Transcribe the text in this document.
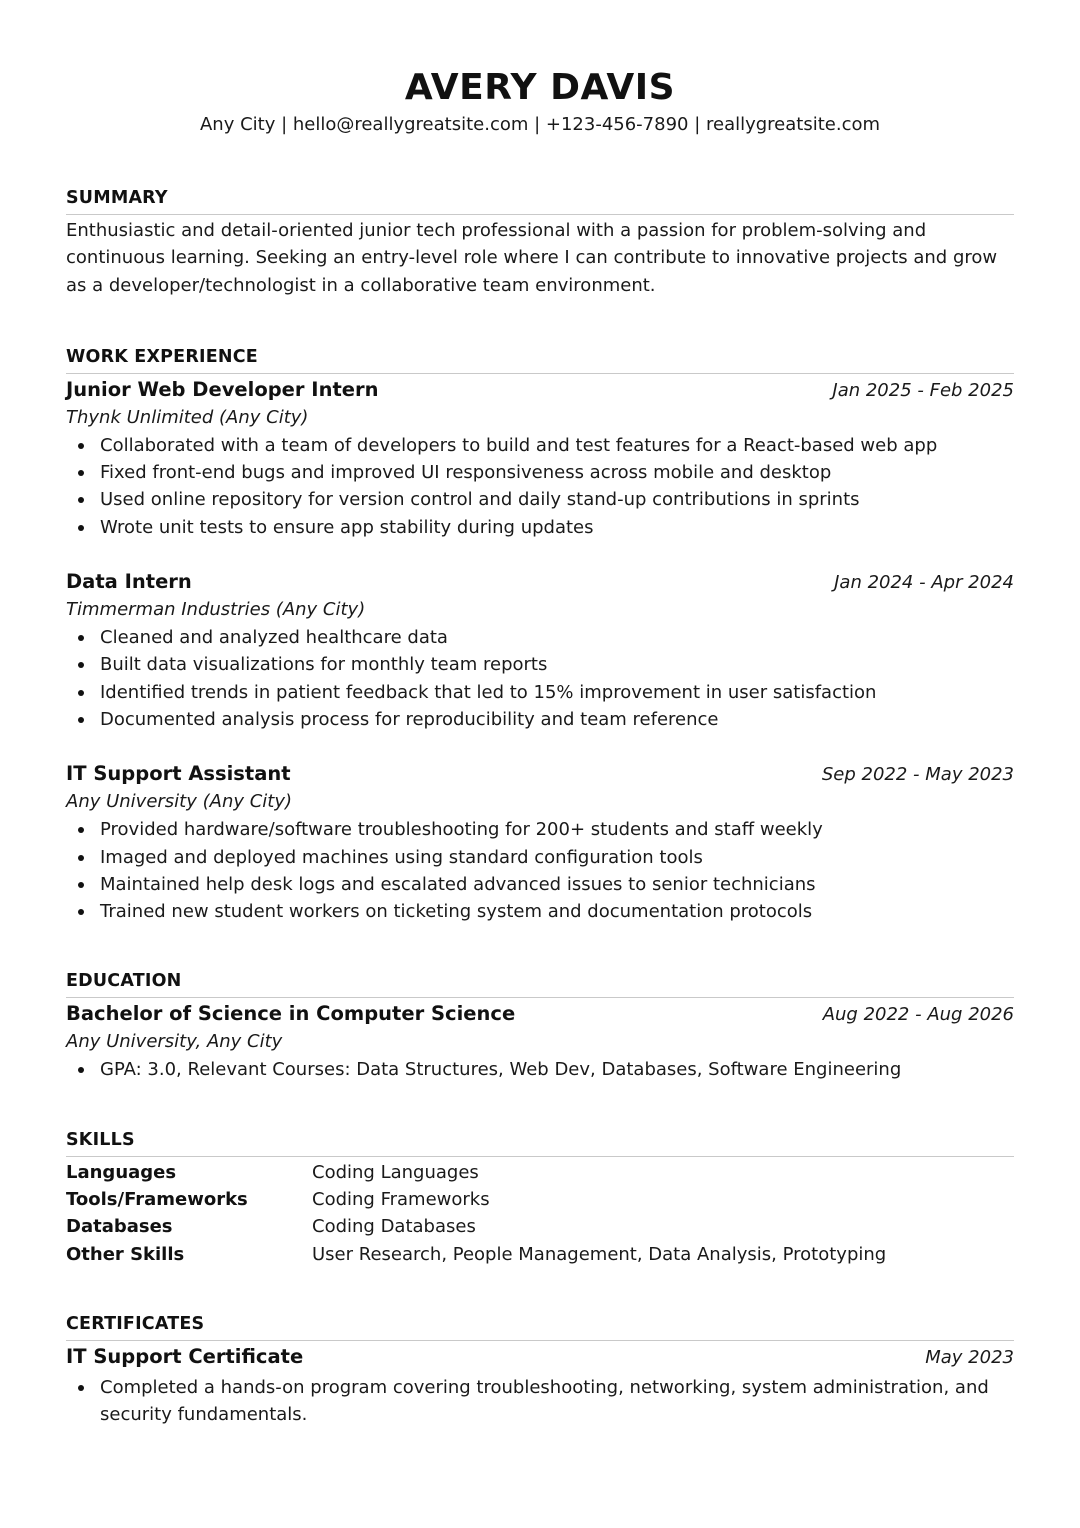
AVERY DAVIS
Any City | hello@reallygreatsite.com | +123-456-7890 | reallygreatsite.com
SUMMARY
Enthusiastic and detail-oriented junior tech professional with a passion for problem-solving and continuous learning. Seeking an entry-level role where I can contribute to innovative projects and grow as a developer/technologist in a collaborative team environment.
WORK EXPERIENCE
Junior Web Developer Intern	Jan 2025 - Feb 2025
Thynk Unlimited (Any City)
Collaborated with a team of developers to build and test features for a React-based web app
Fixed front-end bugs and improved UI responsiveness across mobile and desktop
Used online repository for version control and daily stand-up contributions in sprints
Wrote unit tests to ensure app stability during updates
Data Intern	Jan 2024 - Apr 2024
Timmerman Industries (Any City)
Cleaned and analyzed healthcare data
Built data visualizations for monthly team reports
Identified trends in patient feedback that led to 15% improvement in user satisfaction
Documented analysis process for reproducibility and team reference
IT Support Assistant	Sep 2022 - May 2023
Any University (Any City)
Provided hardware/software troubleshooting for 200+ students and staff weekly
Imaged and deployed machines using standard configuration tools
Maintained help desk logs and escalated advanced issues to senior technicians
Trained new student workers on ticketing system and documentation protocols
EDUCATION
Bachelor of Science in Computer Science	Aug 2022 - Aug 2026
Any University, Any City
GPA: 3.0, Relevant Courses: Data Structures, Web Dev, Databases, Software Engineering
SKILLS
Languages	Coding Languages
Tools/Frameworks	Coding Frameworks
Databases	Coding Databases
Other Skills	User Research, People Management, Data Analysis, Prototyping
CERTIFICATES
IT Support Certificate	May 2023
Completed a hands-on program covering troubleshooting, networking, system administration, and security fundamentals.
